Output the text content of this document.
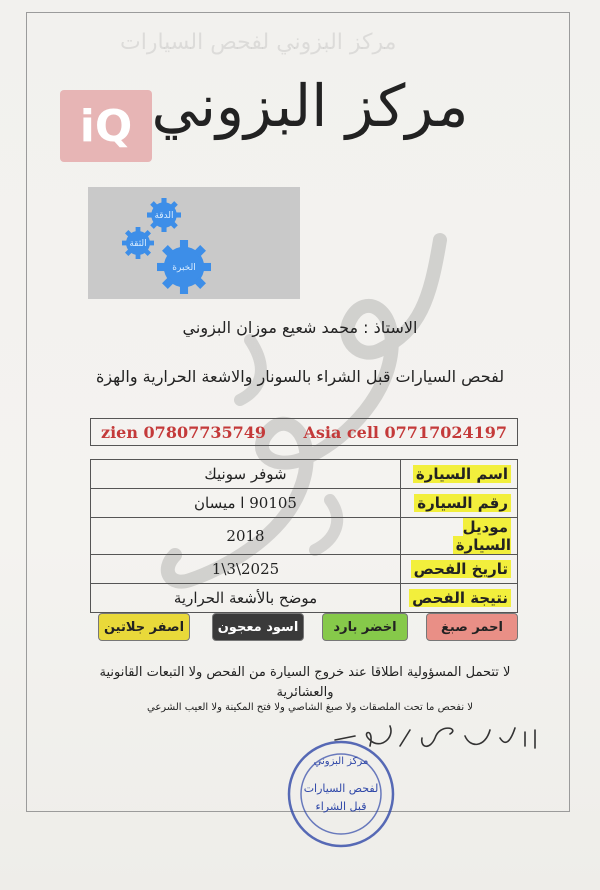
مركز البزوني لفحص السيارات
iQ مركز البزوني
الدقة
الثقة
الخبرة
الاستاذ : محمد شعيع موزان البزوني
لفحص السيارات قبل الشراء بالسونار والاشعة الحرارية والهزة
zien 07807735749 Asia cell 07717024197
اسم السيارة	شوفر سونيك
رقم السيارة	90105 ا ميسان
موديل السيارة	2018
تاريخ الفحص	2025\3\1
نتيجة الفحص	موضح بالأشعة الحرارية
احمر صبغ
اخضر بارد
اسود معجون
اصفر جلاتين
لا تتحمل المسؤولية اطلاقا عند خروج السيارة من الفحص ولا التبعات القانونية والعشائرية
لا نفحص ما تحت الملصقات ولا صبغ الشاصي ولا فتح المكينة ولا العيب الشرعي
مركز البزوني
لفحص السيارات
قبل الشراء
